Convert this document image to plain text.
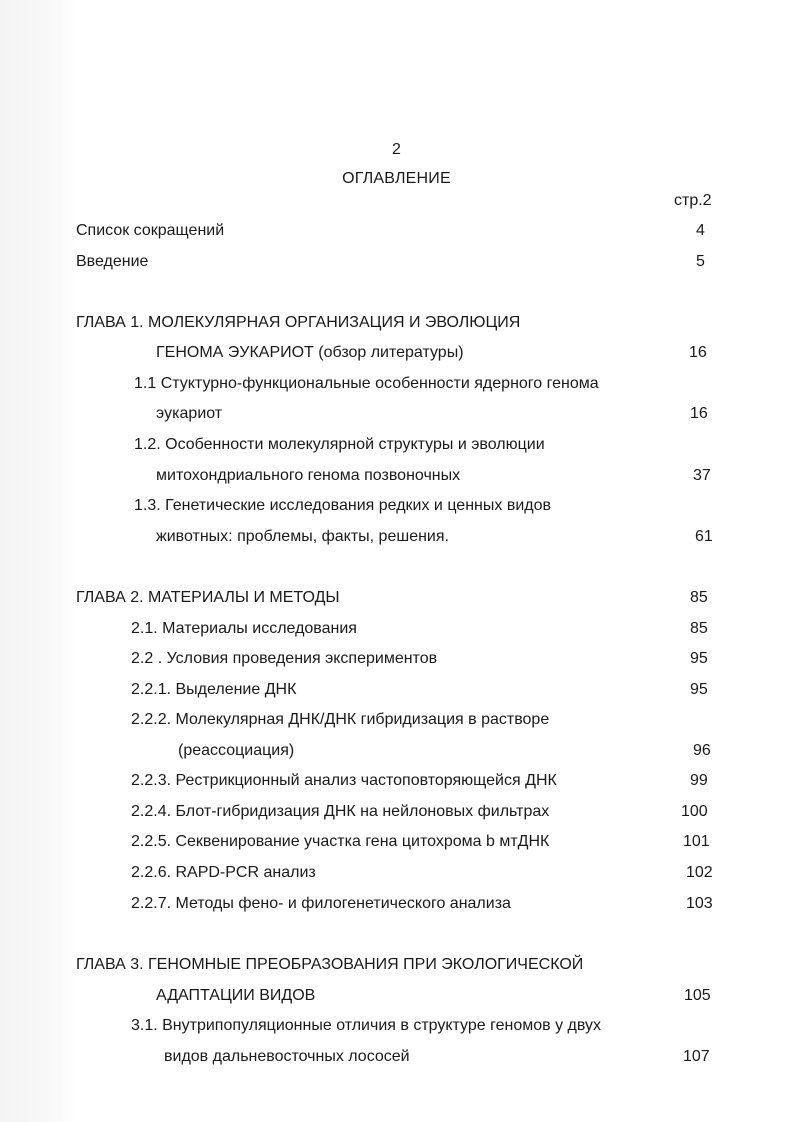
2
ОГЛАВЛЕНИЕ
стр.2
Список сокращений	4
Введение	5
ГЛАВА 1. МОЛЕКУЛЯРНАЯ ОРГАНИЗАЦИЯ И ЭВОЛЮЦИЯ
ГЕНОМА ЭУКАРИОТ (обзор литературы)	16
1.1 Стуктурно-функциональные особенности ядерного генома
эукариот	16
1.2. Особенности молекулярной структуры и эволюции
митохондриального генома позвоночных	37
1.3. Генетические исследования редких и ценных видов
животных: проблемы, факты, решения.	61
ГЛАВА 2. МАТЕРИАЛЫ И МЕТОДЫ	85
2.1. Материалы исследования	85
2.2 . Условия проведения экспериментов	95
2.2.1. Выделение ДНК	95
2.2.2. Молекулярная ДНК/ДНК гибридизация в растворе
(реассоциация)	96
2.2.3. Рестрикционный анализ частоповторяющейся ДНК	99
2.2.4. Блот-гибридизация ДНК на нейлоновых фильтрах	100
2.2.5. Секвенирование участка гена цитохрома b мтДНК	101
2.2.6. RAPD-PCR анализ	102
2.2.7. Методы фено- и филогенетического анализа	103
ГЛАВА 3. ГЕНОМНЫЕ ПРЕОБРАЗОВАНИЯ ПРИ ЭКОЛОГИЧЕСКОЙ
АДАПТАЦИИ ВИДОВ	105
3.1. Внутрипопуляционные отличия в структуре геномов у двух
видов дальневосточных лососей	107
